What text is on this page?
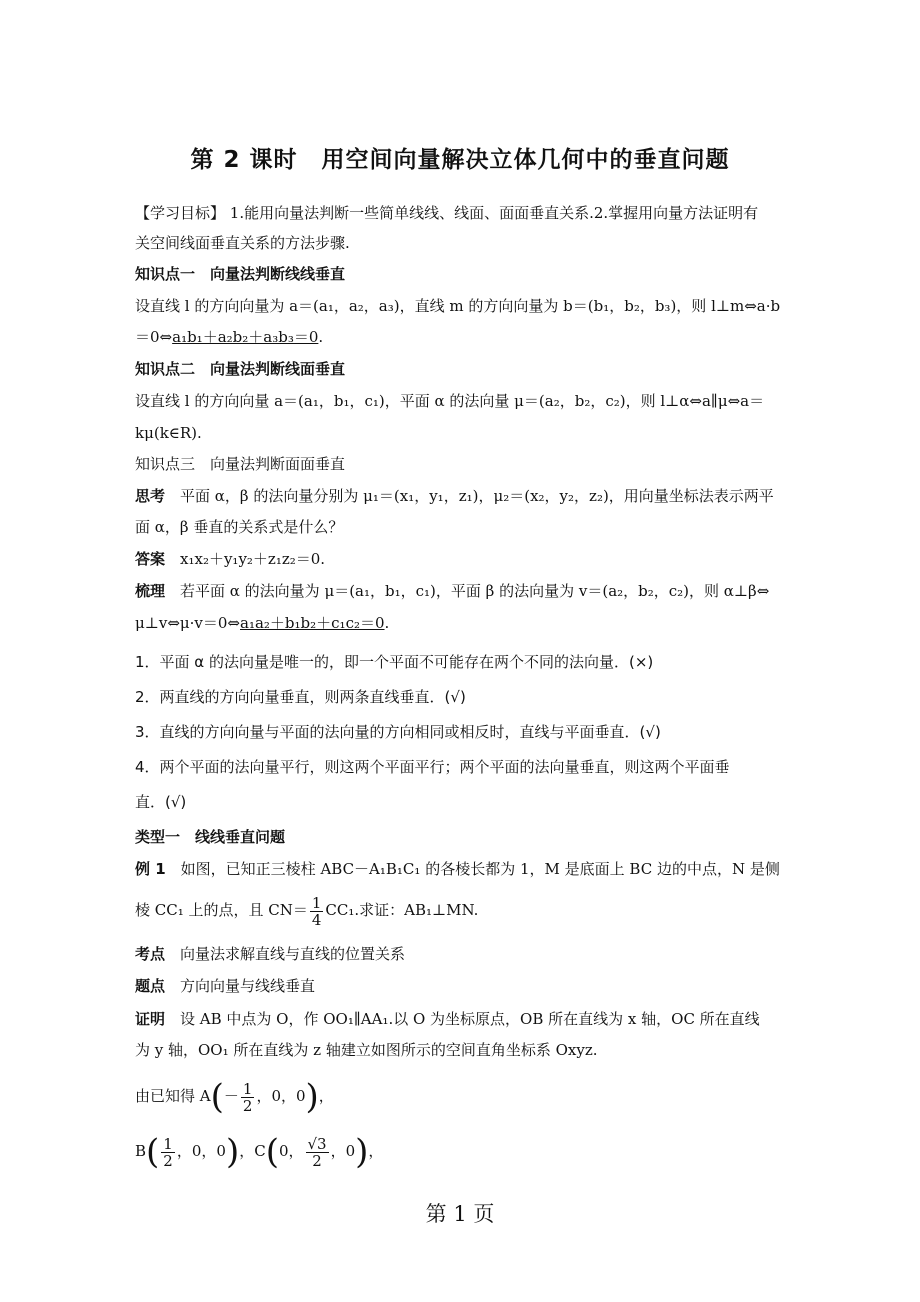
第 2 课时　用空间向量解决立体几何中的垂直问题
【学习目标】 1.能用向量法判断一些简单线线、线面、面面垂直关系.2.掌握用向量方法证明有
关空间线面垂直关系的方法步骤.
知识点一　向量法判断线线垂直
设直线 l 的方向向量为 a＝(a₁，a₂，a₃)，直线 m 的方向向量为 b＝(b₁，b₂，b₃)，则 l⊥m⇔a·b
＝0⇔a₁b₁＋a₂b₂＋a₃b₃＝0.
知识点二　向量法判断线面垂直
设直线 l 的方向向量 a＝(a₁，b₁，c₁)，平面 α 的法向量 μ＝(a₂，b₂，c₂)，则 l⊥α⇔a∥μ⇔a＝
kμ(k∈R).
知识点三　向量法判断面面垂直
思考　平面 α，β 的法向量分别为 μ₁＝(x₁，y₁，z₁)，μ₂＝(x₂，y₂，z₂)，用向量坐标法表示两平
面 α，β 垂直的关系式是什么？
答案　x₁x₂＋y₁y₂＋z₁z₂＝0.
梳理　若平面 α 的法向量为 μ＝(a₁，b₁，c₁)，平面 β 的法向量为 v＝(a₂，b₂，c₂)，则 α⊥β⇔
μ⊥v⇔μ·v＝0⇔a₁a₂＋b₁b₂＋c₁c₂＝0.
1．平面 α 的法向量是唯一的，即一个平面不可能存在两个不同的法向量．(×)
2．两直线的方向向量垂直，则两条直线垂直．(√)
3．直线的方向向量与平面的法向量的方向相同或相反时，直线与平面垂直．(√)
4．两个平面的法向量平行，则这两个平面平行；两个平面的法向量垂直，则这两个平面垂
直．(√)
类型一　线线垂直问题
例 1　如图，已知正三棱柱 ABC－A₁B₁C₁ 的各棱长都为 1，M 是底面上 BC 边的中点，N 是侧
棱 CC₁ 上的点，且 $CN= \frac{1}{4} CC_1$.求证：AB₁⊥MN.
考点　向量法求解直线与直线的位置关系
题点　方向向量与线线垂直
证明　设 AB 中点为 O，作 OO₁∥AA₁.以 O 为坐标原点，OB 所在直线为 x 轴，OC 所在直线
为 y 轴，OO₁ 所在直线为 z 轴建立如图所示的空间直角坐标系 Oxyz.
由已知得 $A(- \frac{1}{2}$ ，0，0)，
$B( \frac{1}{2}$ ，0，0)，C(0， $\frac{√3}{2}$ ，0)，
第 1 页
